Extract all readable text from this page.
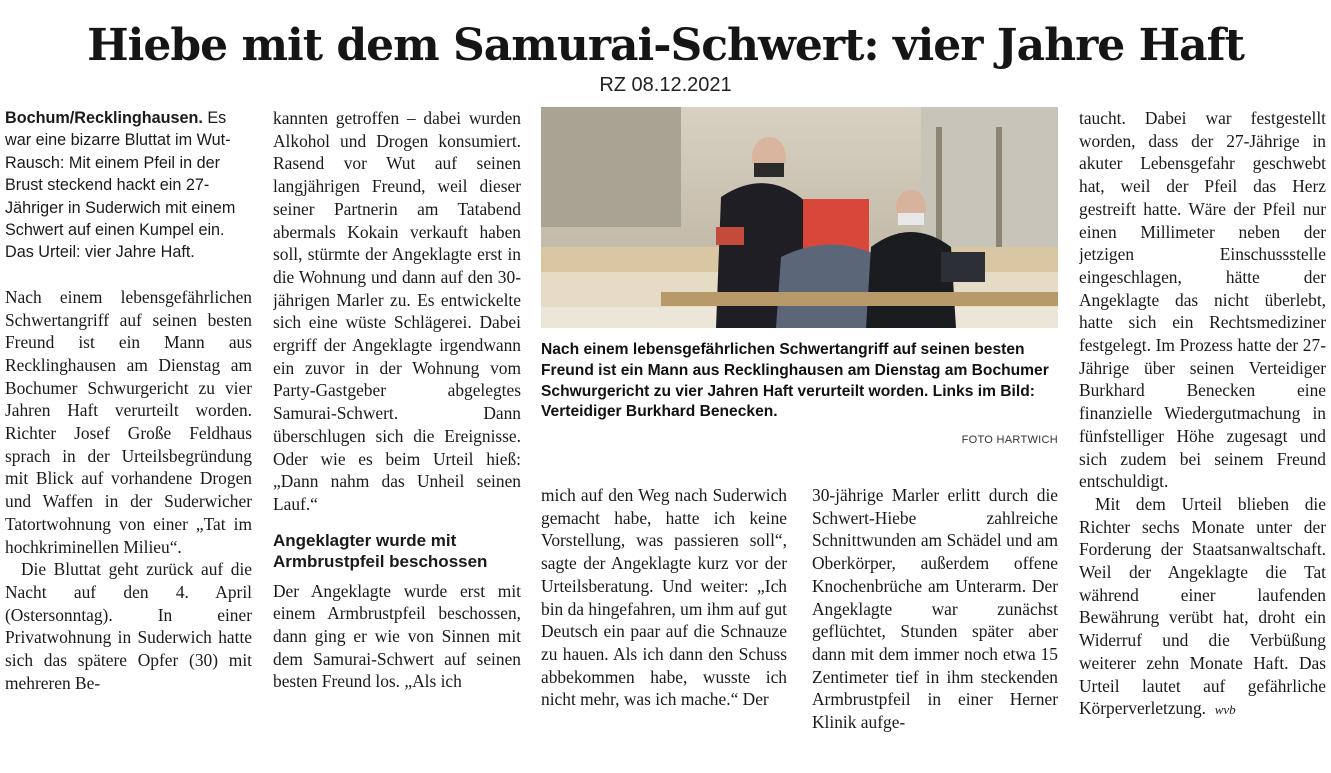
Hiebe mit dem Samurai-Schwert: vier Jahre Haft
RZ 08.12.2021

Bochum/Recklinghausen. Es war eine bizarre Bluttat im Wut-Rausch: Mit einem Pfeil in der Brust steckend hackt ein 27-Jähriger in Suderwich mit einem Schwert auf einen Kumpel ein. Das Urteil: vier Jahre Haft.

Nach einem lebensgefährlichen Schwertangriff auf seinen besten Freund ist ein Mann aus Recklinghausen am Dienstag am Bochumer Schwurgericht zu vier Jahren Haft verurteilt worden. Richter Josef Große Feldhaus sprach in der Urteilsbegründung mit Blick auf vorhandene Drogen und Waffen in der Suderwicher Tatortwohnung von einer „Tat im hochkriminellen Milieu“.

Die Bluttat geht zurück auf die Nacht auf den 4. April (Ostersonntag). In einer Privatwohnung in Suderwich hatte sich das spätere Opfer (30) mit mehreren Be-

kannten getroffen – dabei wurden Alkohol und Drogen konsumiert. Rasend vor Wut auf seinen langjährigen Freund, weil dieser seiner Partnerin am Tatabend abermals Kokain verkauft haben soll, stürmte der Angeklagte erst in die Wohnung und dann auf den 30-jährigen Marler zu. Es entwickelte sich eine wüste Schlägerei. Dabei ergriff der Angeklagte irgendwann ein zuvor in der Wohnung vom Party-Gastgeber abgelegtes Samurai-Schwert. Dann überschlugen sich die Ereignisse. Oder wie es beim Urteil hieß: „Dann nahm das Unheil seinen Lauf.“

Angeklagter wurde mit Armbrustpfeil beschossen

Der Angeklagte wurde erst mit einem Armbrustpfeil beschossen, dann ging er wie von Sinnen mit dem Samurai-Schwert auf seinen besten Freund los. „Als ich

Nach einem lebensgefährlichen Schwertangriff auf seinen besten Freund ist ein Mann aus Recklinghausen am Dienstag am Bochumer Schwurgericht zu vier Jahren Haft verurteilt worden. Links im Bild: Verteidiger Burkhard Benecken.
FOTO HARTWICH

mich auf den Weg nach Suderwich gemacht habe, hatte ich keine Vorstellung, was passieren soll“, sagte der Angeklagte kurz vor der Urteilsberatung. Und weiter: „Ich bin da hingefahren, um ihm auf gut Deutsch ein paar auf die Schnauze zu hauen. Als ich dann den Schuss abbekommen habe, wusste ich nicht mehr, was ich mache.“ Der

30-jährige Marler erlitt durch die Schwert-Hiebe zahlreiche Schnittwunden am Schädel und am Oberkörper, außerdem offene Knochenbrüche am Unterarm. Der Angeklagte war zunächst geflüchtet, Stunden später aber dann mit dem immer noch etwa 15 Zentimeter tief in ihm steckenden Armbrustpfeil in einer Herner Klinik aufge-

taucht. Dabei war festgestellt worden, dass der 27-Jährige in akuter Lebensgefahr geschwebt hat, weil der Pfeil das Herz gestreift hatte. Wäre der Pfeil nur einen Millimeter neben der jetzigen Einschussstelle eingeschlagen, hätte der Angeklagte das nicht überlebt, hatte sich ein Rechtsmediziner festgelegt. Im Prozess hatte der 27-Jährige über seinen Verteidiger Burkhard Benecken eine finanzielle Wiedergutmachung in fünfstelliger Höhe zugesagt und sich zudem bei seinem Freund entschuldigt.

Mit dem Urteil blieben die Richter sechs Monate unter der Forderung der Staatsanwaltschaft. Weil der Angeklagte die Tat während einer laufenden Bewährung verübt hat, droht ein Widerruf und die Verbüßung weiterer zehn Monate Haft. Das Urteil lautet auf gefährliche Körperverletzung. wvb
